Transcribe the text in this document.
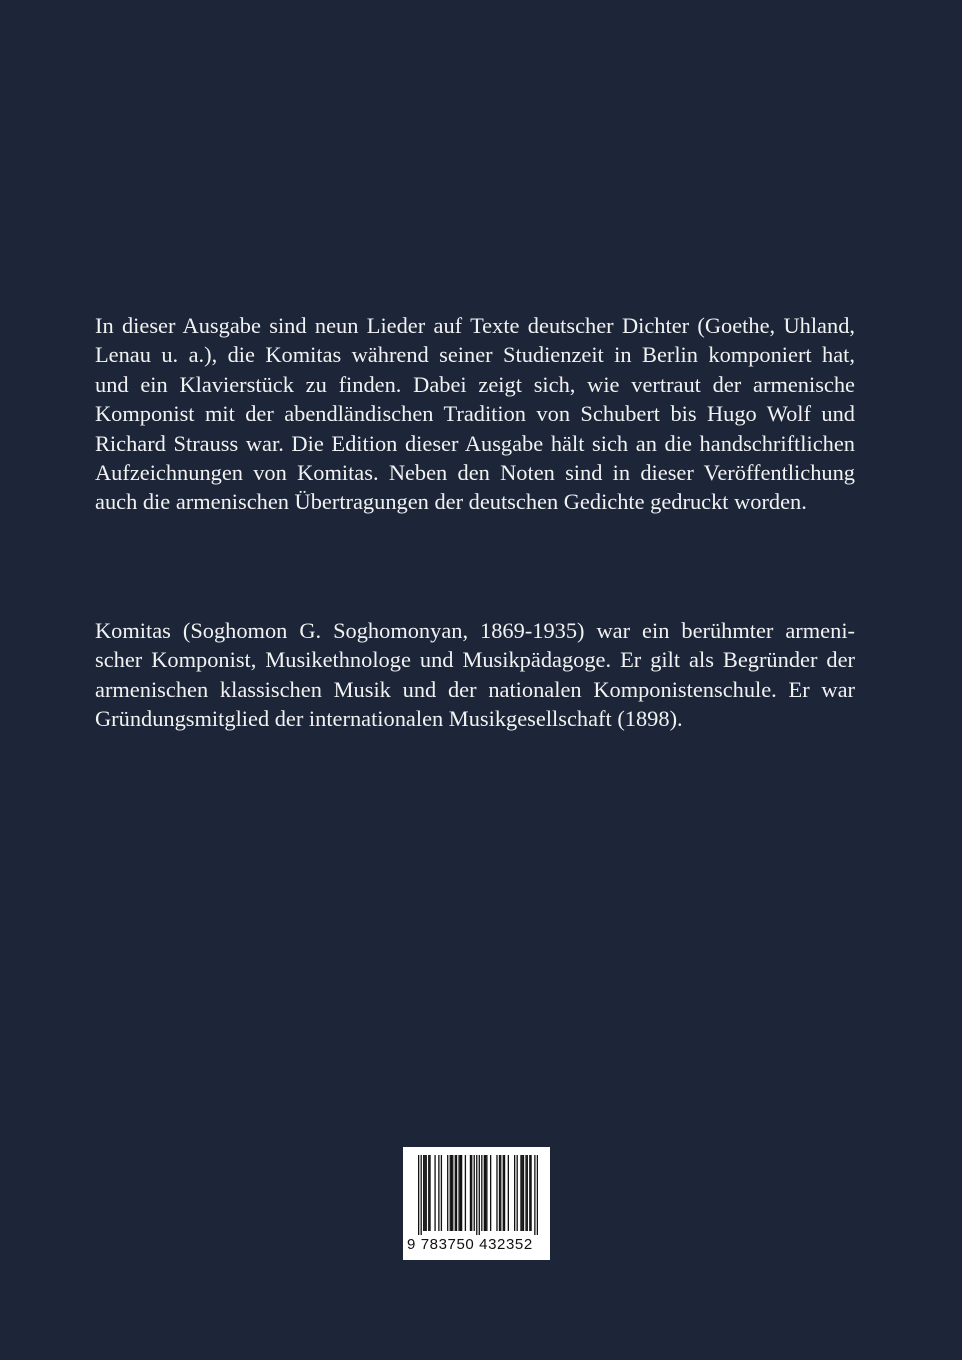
In dieser Ausgabe sind neun Lieder auf Texte deutscher Dichter (Goethe, Uhland,
Lenau u. a.), die Komitas während seiner Studienzeit in Berlin komponiert hat,
und ein Klavierstück zu finden. Dabei zeigt sich, wie vertraut der armenische
Komponist mit der abendländischen Tradition von Schubert bis Hugo Wolf und
Richard Strauss war. Die Edition dieser Ausgabe hält sich an die handschriftlichen
Aufzeichnungen von Komitas. Neben den Noten sind in dieser Veröffentlichung
auch die armenischen Übertragungen der deutschen Gedichte gedruckt worden.
Komitas (Soghomon G. Soghomonyan, 1869-1935) war ein berühmter armeni-
scher Komponist, Musikethnologe und Musikpädagoge. Er gilt als Begründer der
armenischen klassischen Musik und der nationalen Komponistenschule. Er war
Gründungsmitglied der internationalen Musikgesellschaft (1898).
9 783750 432352
